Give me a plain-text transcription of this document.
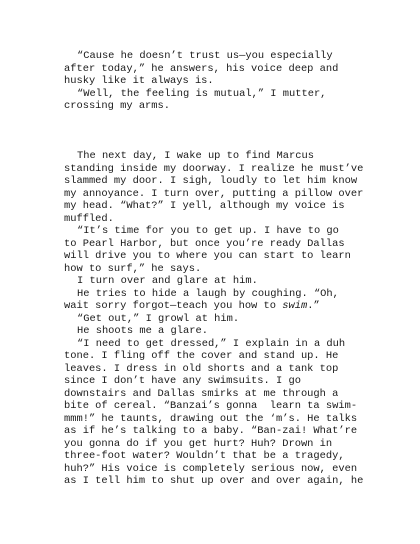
“Cause he doesn’t trust us—you especially
after today,” he answers, his voice deep and
husky like it always is.
“Well, the feeling is mutual,” I mutter,
crossing my arms.
The next day, I wake up to find Marcus
standing inside my doorway. I realize he must’ve
slammed my door. I sigh, loudly to let him know
my annoyance. I turn over, putting a pillow over
my head. “What?” I yell, although my voice is
muffled.
“It’s time for you to get up. I have to go
to Pearl Harbor, but once you’re ready Dallas
will drive you to where you can start to learn
how to surf,” he says.
I turn over and glare at him.
He tries to hide a laugh by coughing. “Oh,
wait sorry forgot—teach you how to swim.”
“Get out,” I growl at him.
He shoots me a glare.
“I need to get dressed,” I explain in a duh
tone. I fling off the cover and stand up. He
leaves. I dress in old shorts and a tank top
since I don’t have any swimsuits. I go
downstairs and Dallas smirks at me through a
bite of cereal. “Banzai’s gonna  learn ta swim-
mmm!” he taunts, drawing out the ‘m’s. He talks
as if he’s talking to a baby. “Ban-zai! What’re
you gonna do if you get hurt? Huh? Drown in
three-foot water? Wouldn’t that be a tragedy,
huh?” His voice is completely serious now, even
as I tell him to shut up over and over again, he
